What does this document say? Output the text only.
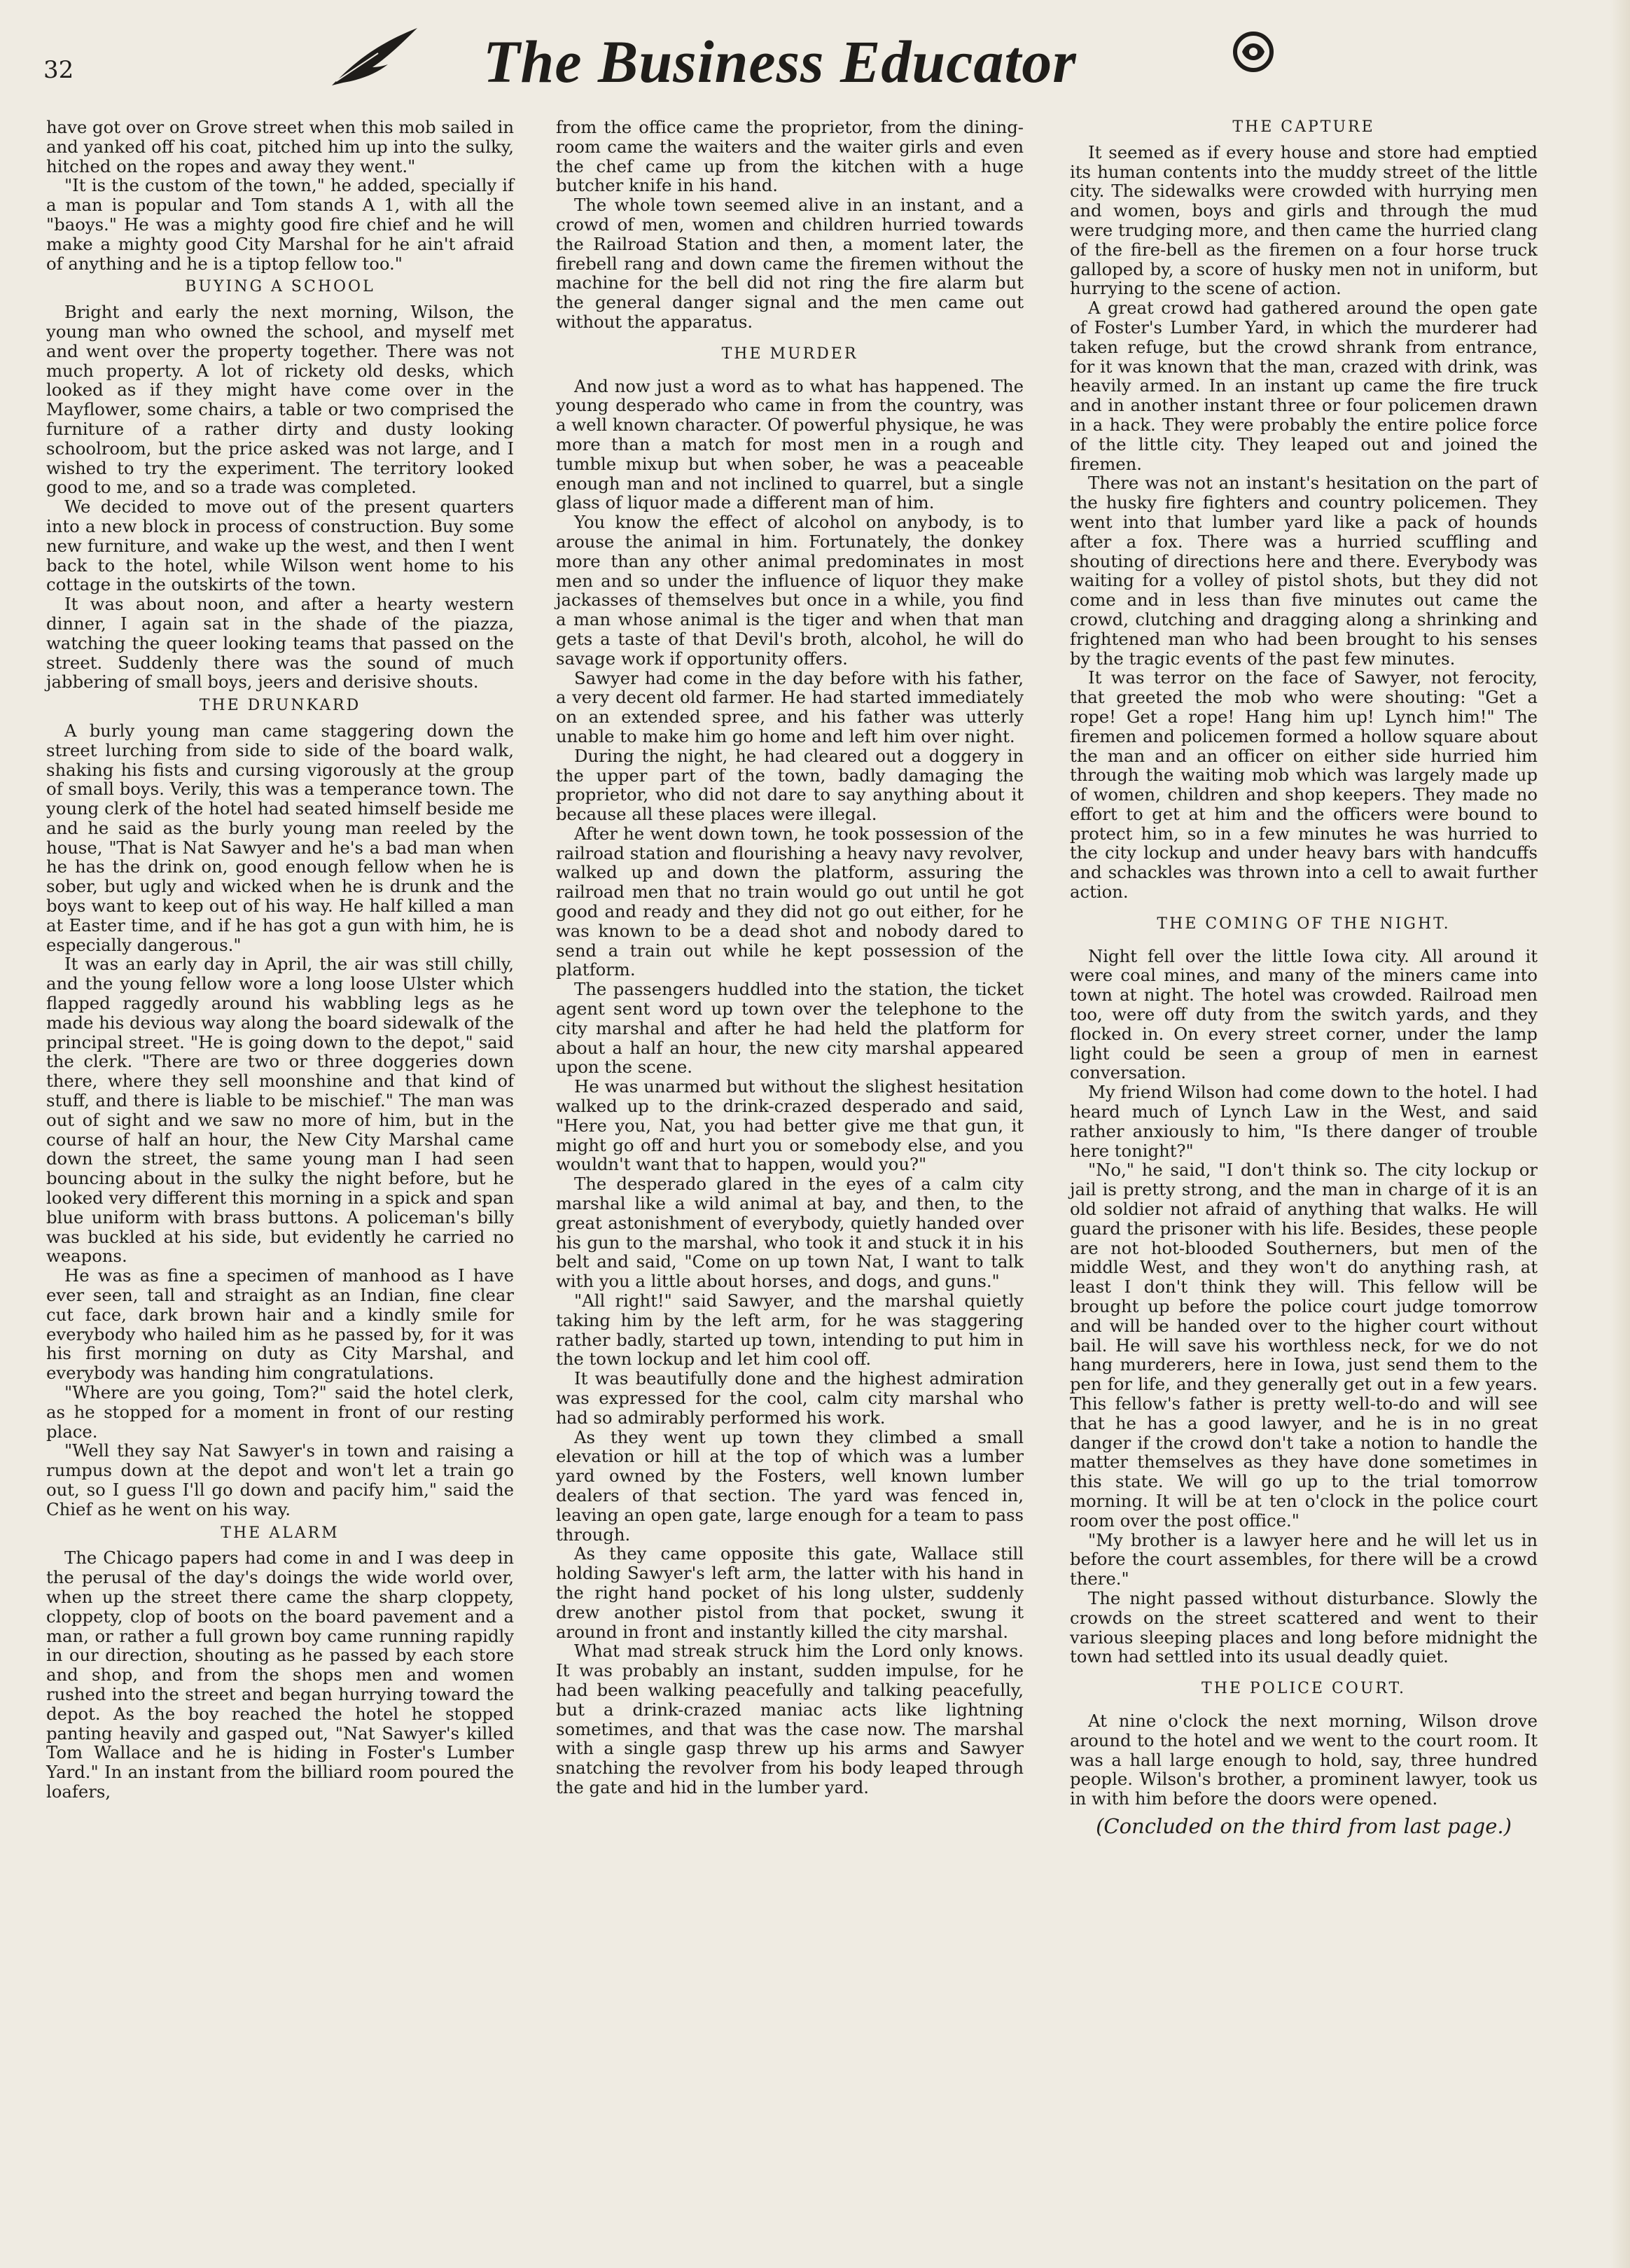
32	The Business Educator

have got over on Grove street when this mob sailed in and yanked off his coat, pitched him up into the sulky, hitched on the ropes and away they went."

"It is the custom of the town," he added, specially if a man is popular and Tom stands A 1, with all the "baoys." He was a mighty good fire chief and he will make a mighty good City Marshal for he ain't afraid of anything and he is a tiptop fellow too."

BUYING A SCHOOL

Bright and early the next morning, Wilson, the young man who owned the school, and myself met and went over the property together. There was not much property. A lot of rickety old desks, which looked as if they might have come over in the Mayflower, some chairs, a table or two comprised the furniture of a rather dirty and dusty looking schoolroom, but the price asked was not large, and I wished to try the experiment. The territory looked good to me, and so a trade was completed.

We decided to move out of the present quarters into a new block in process of construction. Buy some new furniture, and wake up the west, and then I went back to the hotel, while Wilson went home to his cottage in the outskirts of the town.

It was about noon, and after a hearty western dinner, I again sat in the shade of the piazza, watching the queer looking teams that passed on the street. Suddenly there was the sound of much jabbering of small boys, jeers and derisive shouts.

THE DRUNKARD

A burly young man came staggering down the street lurching from side to side of the board walk, shaking his fists and cursing vigorously at the group of small boys. Verily, this was a temperance town. The young clerk of the hotel had seated himself beside me and he said as the burly young man reeled by the house, "That is Nat Sawyer and he's a bad man when he has the drink on, good enough fellow when he is sober, but ugly and wicked when he is drunk and the boys want to keep out of his way. He half killed a man at Easter time, and if he has got a gun with him, he is especially dangerous."

It was an early day in April, the air was still chilly, and the young fellow wore a long loose Ulster which flapped raggedly around his wabbling legs as he made his devious way along the board sidewalk of the principal street. "He is going down to the depot," said the clerk. "There are two or three doggeries down there, where they sell moonshine and that kind of stuff, and there is liable to be mischief." The man was out of sight and we saw no more of him, but in the course of half an hour, the New City Marshal came down the street, the same young man I had seen bouncing about in the sulky the night before, but he looked very different this morning in a spick and span blue uniform with brass buttons. A policeman's billy was buckled at his side, but evidently he carried no weapons.

He was as fine a specimen of manhood as I have ever seen, tall and straight as an Indian, fine clear cut face, dark brown hair and a kindly smile for everybody who hailed him as he passed by, for it was his first morning on duty as City Marshal, and everybody was handing him congratulations.

"Where are you going, Tom?" said the hotel clerk, as he stopped for a moment in front of our resting place.

"Well they say Nat Sawyer's in town and raising a rumpus down at the depot and won't let a train go out, so I guess I'll go down and pacify him," said the Chief as he went on his way.

THE ALARM

The Chicago papers had come in and I was deep in the perusal of the day's doings the wide world over, when up the street there came the sharp cloppety, cloppety, clop of boots on the board pavement and a man, or rather a full grown boy came running rapidly in our direction, shouting as he passed by each store and shop, and from the shops men and women rushed into the street and began hurrying toward the depot. As the boy reached the hotel he stopped panting heavily and gasped out, "Nat Sawyer's killed Tom Wallace and he is hiding in Foster's Lumber Yard." In an instant from the billiard room poured the loafers,

from the office came the proprietor, from the dining-room came the waiters and the waiter girls and even the chef came up from the kitchen with a huge butcher knife in his hand.

The whole town seemed alive in an instant, and a crowd of men, women and children hurried towards the Railroad Station and then, a moment later, the firebell rang and down came the firemen without the machine for the bell did not ring the fire alarm but the general danger signal and the men came out without the apparatus.

THE MURDER

And now just a word as to what has happened. The young desperado who came in from the country, was a well known character. Of powerful physique, he was more than a match for most men in a rough and tumble mixup but when sober, he was a peaceable enough man and not inclined to quarrel, but a single glass of liquor made a different man of him.

You know the effect of alcohol on anybody, is to arouse the animal in him. Fortunately, the donkey more than any other animal predominates in most men and so under the influence of liquor they make jackasses of themselves but once in a while, you find a man whose animal is the tiger and when that man gets a taste of that Devil's broth, alcohol, he will do savage work if opportunity offers.

Sawyer had come in the day before with his father, a very decent old farmer. He had started immediately on an extended spree, and his father was utterly unable to make him go home and left him over night.

During the night, he had cleared out a doggery in the upper part of the town, badly damaging the proprietor, who did not dare to say anything about it because all these places were illegal.

After he went down town, he took possession of the railroad station and flourishing a heavy navy revolver, walked up and down the platform, assuring the railroad men that no train would go out until he got good and ready and they did not go out either, for he was known to be a dead shot and nobody dared to send a train out while he kept possession of the platform.

The passengers huddled into the station, the ticket agent sent word up town over the telephone to the city marshal and after he had held the platform for about a half an hour, the new city marshal appeared upon the scene.

He was unarmed but without the slighest hesitation walked up to the drink-crazed desperado and said, "Here you, Nat, you had better give me that gun, it might go off and hurt you or somebody else, and you wouldn't want that to happen, would you?"

The desperado glared in the eyes of a calm city marshal like a wild animal at bay, and then, to the great astonishment of everybody, quietly handed over his gun to the marshal, who took it and stuck it in his belt and said, "Come on up town Nat, I want to talk with you a little about horses, and dogs, and guns."

"All right!" said Sawyer, and the marshal quietly taking him by the left arm, for he was staggering rather badly, started up town, intending to put him in the town lockup and let him cool off.

It was beautifully done and the highest admiration was expressed for the cool, calm city marshal who had so admirably performed his work.

As they went up town they climbed a small elevation or hill at the top of which was a lumber yard owned by the Fosters, well known lumber dealers of that section. The yard was fenced in, leaving an open gate, large enough for a team to pass through.

As they came opposite this gate, Wallace still holding Sawyer's left arm, the latter with his hand in the right hand pocket of his long ulster, suddenly drew another pistol from that pocket, swung it around in front and instantly killed the city marshal.

What mad streak struck him the Lord only knows. It was probably an instant, sudden impulse, for he had been walking peacefully and talking peacefully, but a drink-crazed maniac acts like lightning sometimes, and that was the case now. The marshal with a single gasp threw up his arms and Sawyer snatching the revolver from his body leaped through the gate and hid in the lumber yard.

THE CAPTURE

It seemed as if every house and store had emptied its human contents into the muddy street of the little city. The sidewalks were crowded with hurrying men and women, boys and girls and through the mud were trudging more, and then came the hurried clang of the fire-bell as the firemen on a four horse truck galloped by, a score of husky men not in uniform, but hurrying to the scene of action.

A great crowd had gathered around the open gate of Foster's Lumber Yard, in which the murderer had taken refuge, but the crowd shrank from entrance, for it was known that the man, crazed with drink, was heavily armed. In an instant up came the fire truck and in another instant three or four policemen drawn in a hack. They were probably the entire police force of the little city. They leaped out and joined the firemen.

There was not an instant's hesitation on the part of the husky fire fighters and country policemen. They went into that lumber yard like a pack of hounds after a fox. There was a hurried scuffling and shouting of directions here and there. Everybody was waiting for a volley of pistol shots, but they did not come and in less than five minutes out came the crowd, clutching and dragging along a shrinking and frightened man who had been brought to his senses by the tragic events of the past few minutes.

It was terror on the face of Sawyer, not ferocity, that greeted the mob who were shouting: "Get a rope! Get a rope! Hang him up! Lynch him!" The firemen and policemen formed a hollow square about the man and an officer on either side hurried him through the waiting mob which was largely made up of women, children and shop keepers. They made no effort to get at him and the officers were bound to protect him, so in a few minutes he was hurried to the city lockup and under heavy bars with handcuffs and schackles was thrown into a cell to await further action.

THE COMING OF THE NIGHT.

Night fell over the little Iowa city. All around it were coal mines, and many of the miners came into town at night. The hotel was crowded. Railroad men too, were off duty from the switch yards, and they flocked in. On every street corner, under the lamp light could be seen a group of men in earnest conversation.

My friend Wilson had come down to the hotel. I had heard much of Lynch Law in the West, and said rather anxiously to him, "Is there danger of trouble here tonight?"

"No," he said, "I don't think so. The city lockup or jail is pretty strong, and the man in charge of it is an old soldier not afraid of anything that walks. He will guard the prisoner with his life. Besides, these people are not hot-blooded Southerners, but men of the middle West, and they won't do anything rash, at least I don't think they will. This fellow will be brought up before the police court judge tomorrow and will be handed over to the higher court without bail. He will save his worthless neck, for we do not hang murderers, here in Iowa, just send them to the pen for life, and they generally get out in a few years. This fellow's father is pretty well-to-do and will see that he has a good lawyer, and he is in no great danger if the crowd don't take a notion to handle the matter themselves as they have done sometimes in this state. We will go up to the trial tomorrow morning. It will be at ten o'clock in the police court room over the post office."

"My brother is a lawyer here and he will let us in before the court assembles, for there will be a crowd there."

The night passed without disturbance. Slowly the crowds on the street scattered and went to their various sleeping places and long before midnight the town had settled into its usual deadly quiet.

THE POLICE COURT.

At nine o'clock the next morning, Wilson drove around to the hotel and we went to the court room. It was a hall large enough to hold, say, three hundred people. Wilson's brother, a prominent lawyer, took us in with him before the doors were opened.

(Concluded on the third from last page.)
